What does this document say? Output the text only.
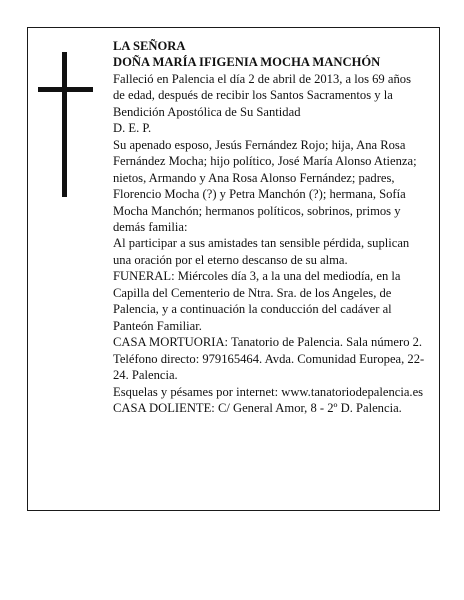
LA SEÑORA

DOÑA MARÍA IFIGENIA MOCHA MANCHÓN

Falleció en Palencia el día 2 de abril de 2013, a los 69 años de edad, después de recibir los Santos Sacramentos y la Bendición Apostólica de Su Santidad

D. E. P.

Su apenado esposo, Jesús Fernández Rojo; hija, Ana Rosa Fernández Mocha; hijo político, José María Alonso Atienza; nietos, Armando y Ana Rosa Alonso Fernández; padres, Florencio Mocha (?) y Petra Manchón (?); hermana, Sofía Mocha Manchón; hermanos políticos, sobrinos, primos y demás familia:

Al participar a sus amistades tan sensible pérdida, suplican una oración por el eterno descanso de su alma.

FUNERAL: Miércoles día 3, a la una del mediodía, en la Capilla del Cementerio de Ntra. Sra. de los Angeles, de Palencia, y a continuación la conducción del cadáver al Panteón Familiar.

CASA MORTUORIA: Tanatorio de Palencia. Sala número 2. Teléfono directo: 979165464. Avda. Comunidad Europea, 22-24. Palencia.

Esquelas y pésames por internet: www.tanatoriodepalencia.es

CASA DOLIENTE: C/ General Amor, 8 - 2º D. Palencia.
